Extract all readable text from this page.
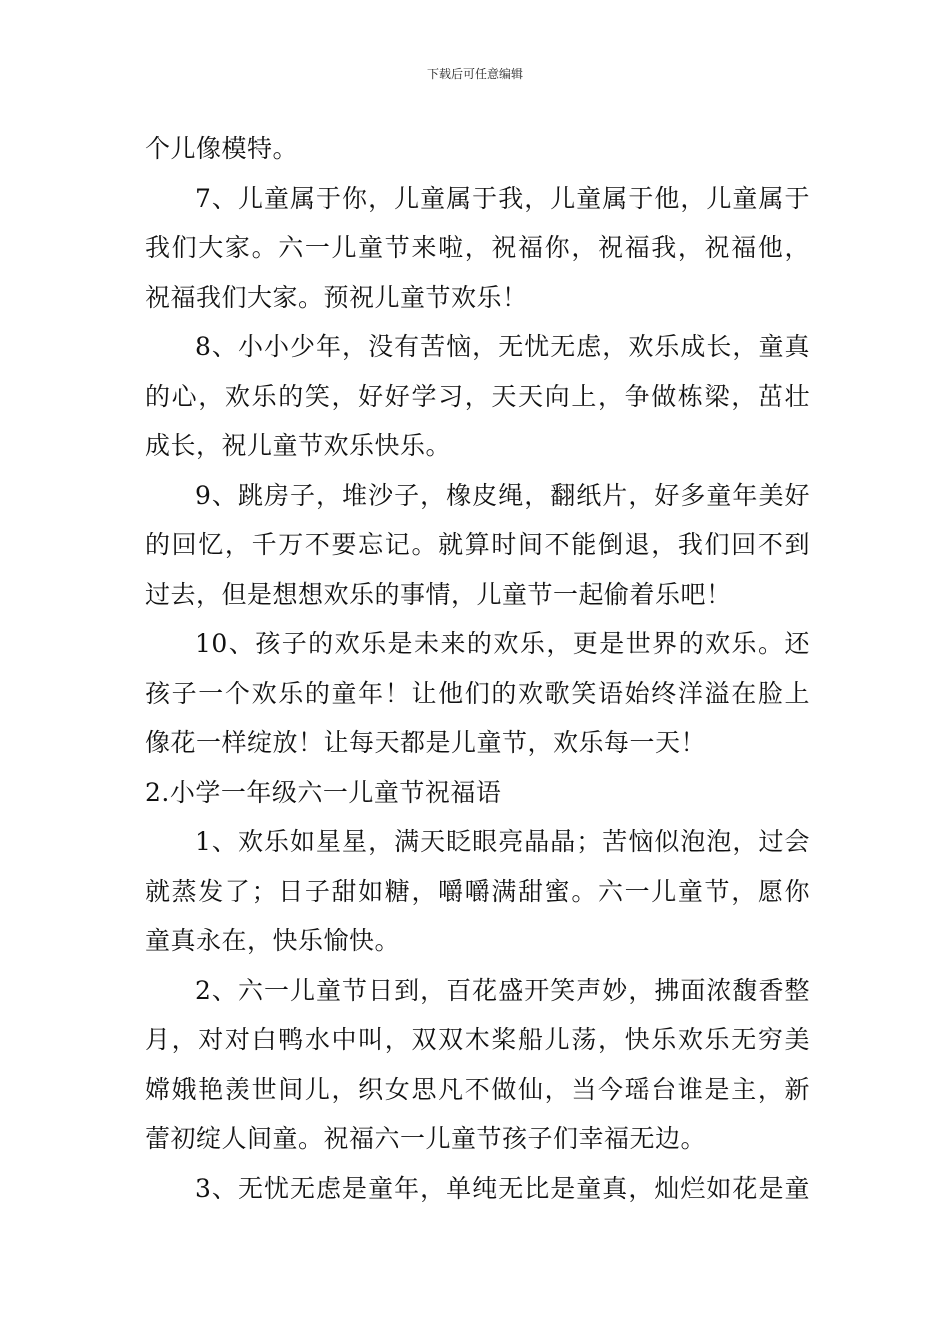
下载后可任意编辑
个儿像模特。
7、儿童属于你，儿童属于我，儿童属于他，儿童属于
我们大家。六一儿童节来啦，祝福你，祝福我，祝福他，
祝福我们大家。预祝儿童节欢乐！
8、小小少年，没有苦恼，无忧无虑，欢乐成长，童真
的心，欢乐的笑，好好学习，天天向上，争做栋梁，茁壮
成长，祝儿童节欢乐快乐。
9、跳房子，堆沙子，橡皮绳，翻纸片，好多童年美好
的回忆，千万不要忘记。就算时间不能倒退，我们回不到
过去，但是想想欢乐的事情，儿童节一起偷着乐吧！
10、孩子的欢乐是未来的欢乐，更是世界的欢乐。还
孩子一个欢乐的童年！让他们的欢歌笑语始终洋溢在脸上
像花一样绽放！让每天都是儿童节，欢乐每一天！
2.小学一年级六一儿童节祝福语
1、欢乐如星星，满天眨眼亮晶晶；苦恼似泡泡，过会
就蒸发了；日子甜如糖，嚼嚼满甜蜜。六一儿童节，愿你
童真永在，快乐愉快。
2、六一儿童节日到，百花盛开笑声妙，拂面浓馥香整
月，对对白鸭水中叫，双双木桨船儿荡，快乐欢乐无穷美
嫦娥艳羡世间儿，织女思凡不做仙，当今瑶台谁是主，新
蕾初绽人间童。祝福六一儿童节孩子们幸福无边。
3、无忧无虑是童年，单纯无比是童真，灿烂如花是童
